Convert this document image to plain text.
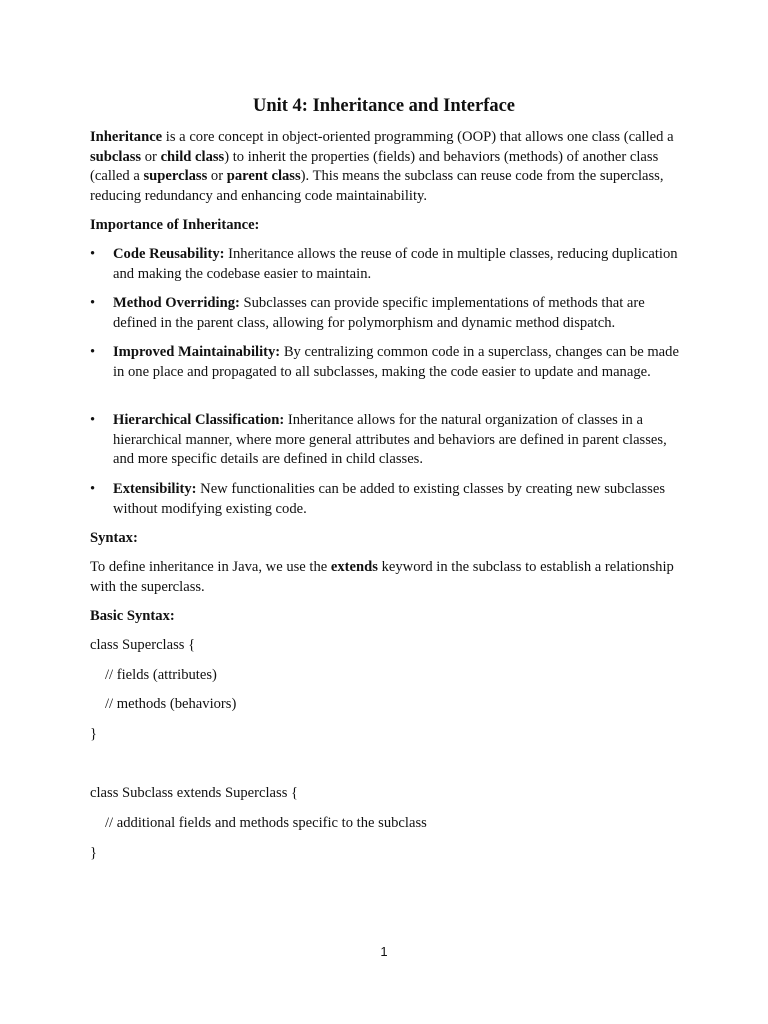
Unit 4: Inheritance and Interface

Inheritance is a core concept in object-oriented programming (OOP) that allows one class (called a subclass or child class) to inherit the properties (fields) and behaviors (methods) of another class (called a superclass or parent class). This means the subclass can reuse code from the superclass, reducing redundancy and enhancing code maintainability.

Importance of Inheritance:
•	Code Reusability: Inheritance allows the reuse of code in multiple classes, reducing duplication and making the codebase easier to maintain.
•	Method Overriding: Subclasses can provide specific implementations of methods that are defined in the parent class, allowing for polymorphism and dynamic method dispatch.
•	Improved Maintainability: By centralizing common code in a superclass, changes can be made in one place and propagated to all subclasses, making the code easier to update and manage.
•	Hierarchical Classification: Inheritance allows for the natural organization of classes in a hierarchical manner, where more general attributes and behaviors are defined in parent classes, and more specific details are defined in child classes.
•	Extensibility: New functionalities can be added to existing classes by creating new subclasses without modifying existing code.
Syntax:

To define inheritance in Java, we use the extends keyword in the subclass to establish a relationship with the superclass.

Basic Syntax:
class Superclass {
// fields (attributes)
// methods (behaviors)
}
class Subclass extends Superclass {
// additional fields and methods specific to the subclass
}
1
